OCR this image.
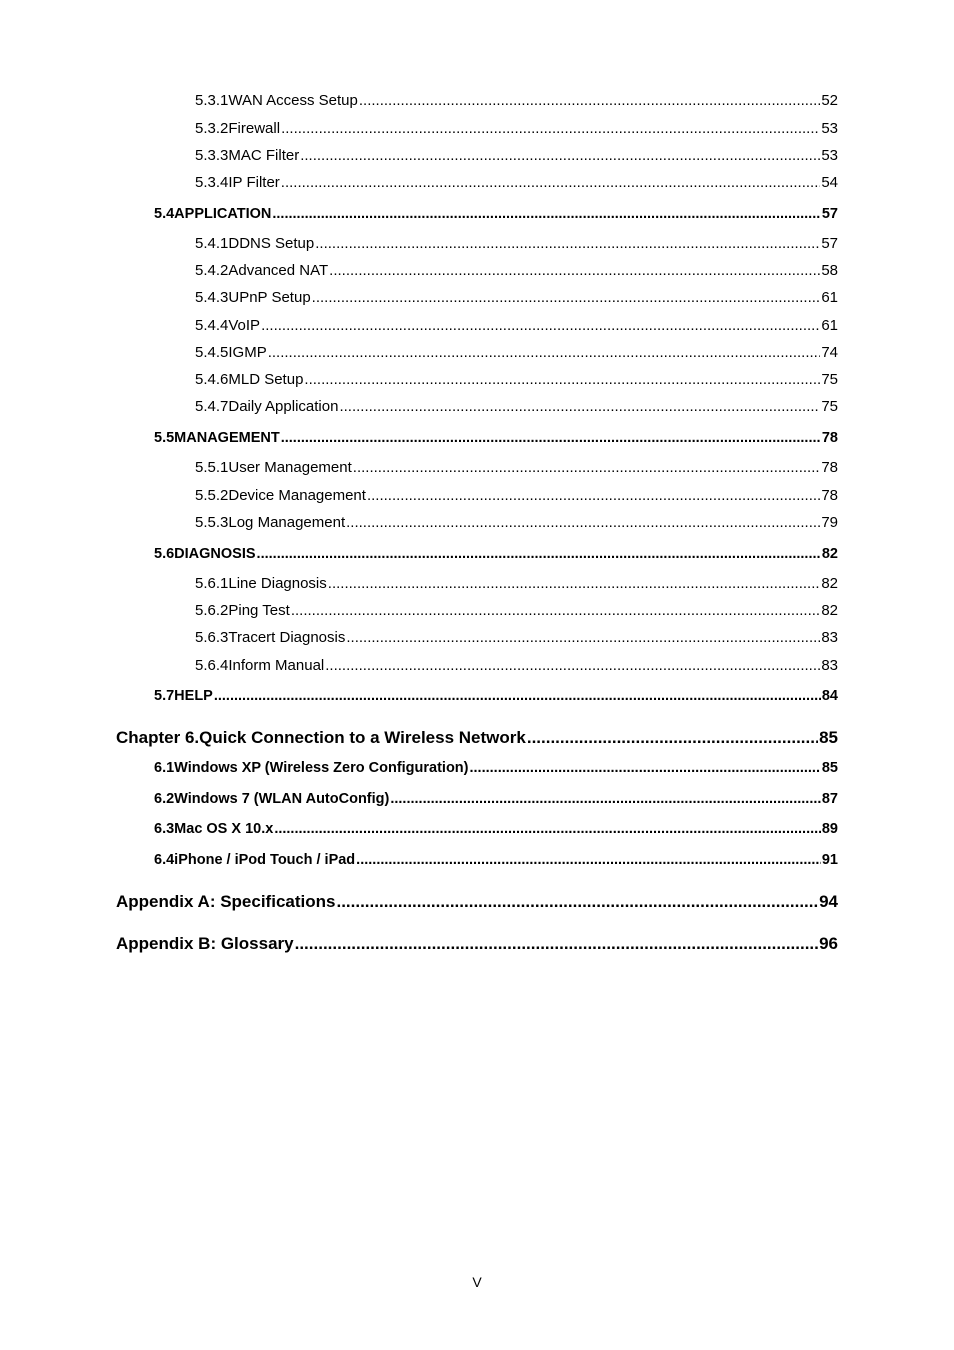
5.3.1 WAN Access Setup .....	52
5.3.2 Firewall .....	53
5.3.3 MAC Filter .....	53
5.3.4 IP Filter .....	54
5.4 APPLICATION .....	57
5.4.1 DDNS Setup .....	57
5.4.2 Advanced NAT .....	58
5.4.3 UPnP Setup .....	61
5.4.4 VoIP .....	61
5.4.5 IGMP .....	74
5.4.6 MLD Setup .....	75
5.4.7 Daily Application .....	75
5.5 MANAGEMENT .....	78
5.5.1 User Management .....	78
5.5.2 Device Management .....	78
5.5.3 Log Management .....	79
5.6 DIAGNOSIS .....	82
5.6.1 Line Diagnosis .....	82
5.6.2 Ping Test .....	82
5.6.3 Tracert Diagnosis .....	83
5.6.4 Inform Manual .....	83
5.7 HELP .....	84
Chapter 6. Quick Connection to a Wireless Network .....	85
6.1 Windows XP (Wireless Zero Configuration) .....	85
6.2 Windows 7 (WLAN AutoConfig) .....	87
6.3 Mac OS X 10.x .....	89
6.4 iPhone / iPod Touch / iPad .....	91
Appendix A: Specifications .....	94
Appendix B: Glossary .....	96
V
